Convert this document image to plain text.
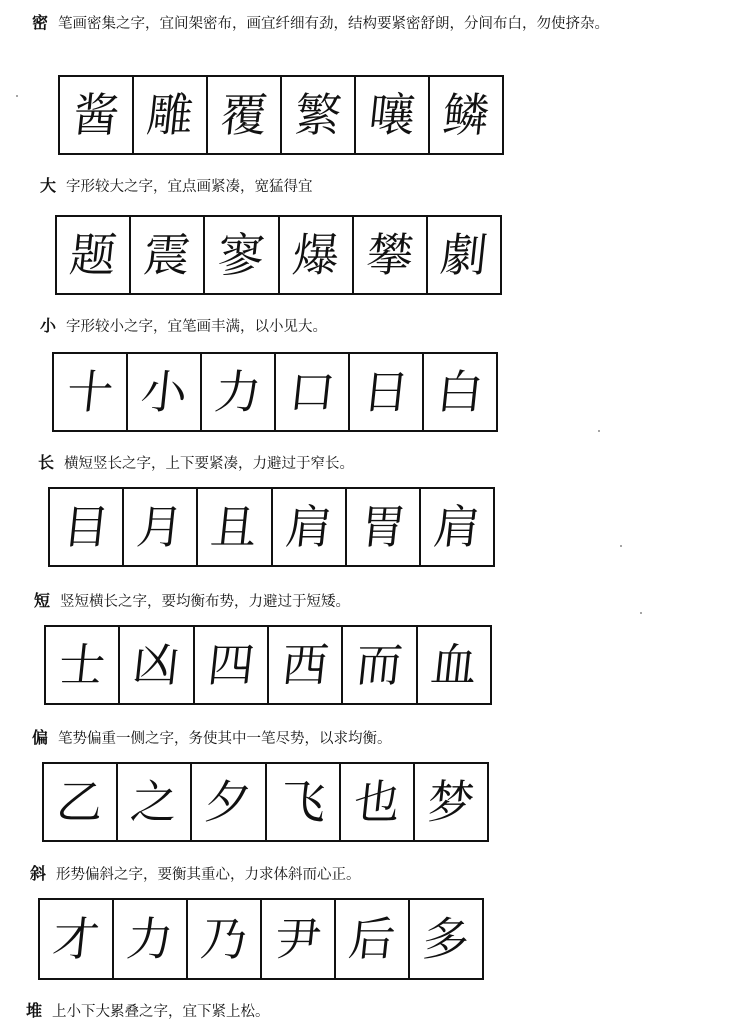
密 笔画密集之字，宜间架密布，画宜纤细有劲，结构要紧密舒朗，分间布白，勿使挤杂。
酱 雕 覆 繁 嚷 鳞
大 字形较大之字，宜点画紧凑，宽猛得宜
题 震 寥 爆 攀 劇
小 字形较小之字，宜笔画丰满，以小见大。
十 小 力 口 日 白
长 横短竖长之字，上下要紧凑，力避过于窄长。
目 月 且 肩 胃 肩
短 竖短横长之字，要均衡布势，力避过于短矮。
士 凶 四 西 而 血
偏 笔势偏重一侧之字，务使其中一笔尽势，以求均衡。
乙 之 夕 飞 也 梦
斜 形势偏斜之字，要衡其重心，力求体斜而心正。
才 力 乃 尹 后 多
堆 上小下大累叠之字，宜下紧上松。
